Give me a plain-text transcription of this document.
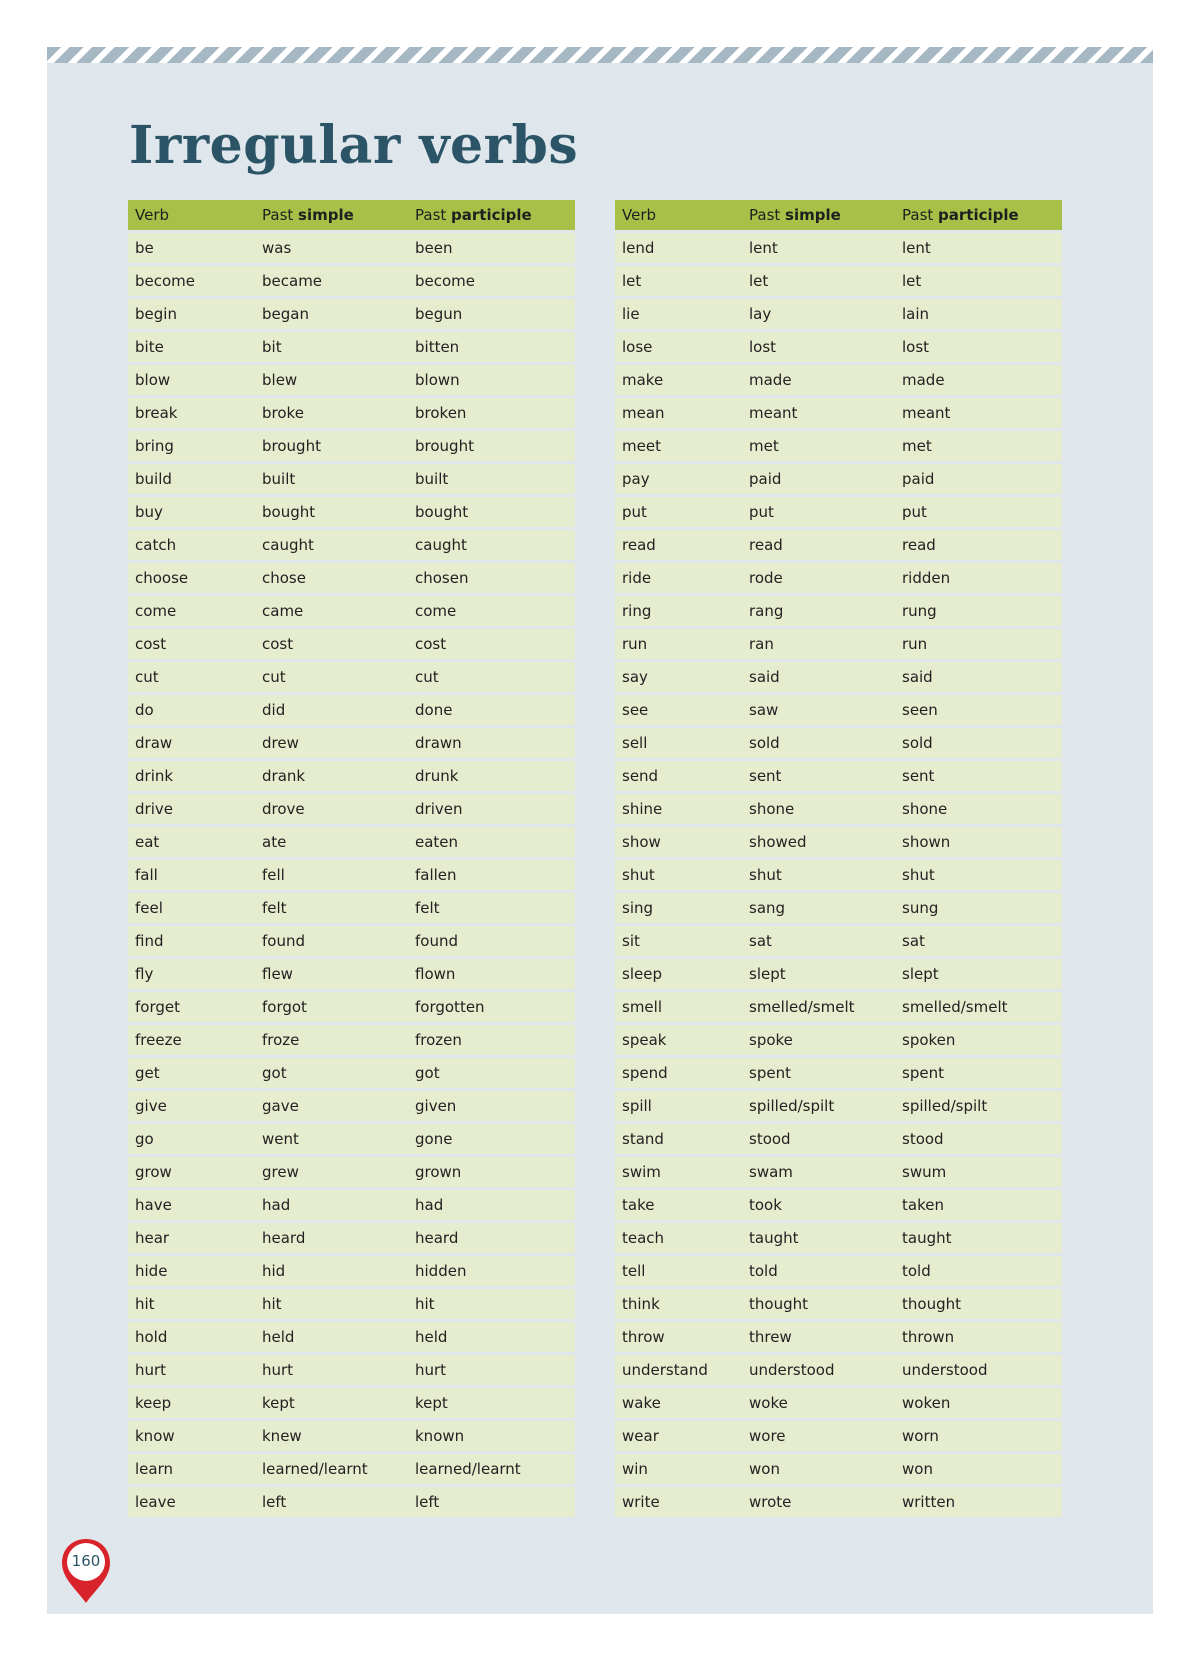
Irregular verbs
Verb	Past simple	Past participle
be	was	been
become	became	become
begin	began	begun
bite	bit	bitten
blow	blew	blown
break	broke	broken
bring	brought	brought
build	built	built
buy	bought	bought
catch	caught	caught
choose	chose	chosen
come	came	come
cost	cost	cost
cut	cut	cut
do	did	done
draw	drew	drawn
drink	drank	drunk
drive	drove	driven
eat	ate	eaten
fall	fell	fallen
feel	felt	felt
find	found	found
fly	flew	flown
forget	forgot	forgotten
freeze	froze	frozen
get	got	got
give	gave	given
go	went	gone
grow	grew	grown
have	had	had
hear	heard	heard
hide	hid	hidden
hit	hit	hit
hold	held	held
hurt	hurt	hurt
keep	kept	kept
know	knew	known
learn	learned/learnt	learned/learnt
leave	left	left
Verb	Past simple	Past participle
lend	lent	lent
let	let	let
lie	lay	lain
lose	lost	lost
make	made	made
mean	meant	meant
meet	met	met
pay	paid	paid
put	put	put
read	read	read
ride	rode	ridden
ring	rang	rung
run	ran	run
say	said	said
see	saw	seen
sell	sold	sold
send	sent	sent
shine	shone	shone
show	showed	shown
shut	shut	shut
sing	sang	sung
sit	sat	sat
sleep	slept	slept
smell	smelled/smelt	smelled/smelt
speak	spoke	spoken
spend	spent	spent
spill	spilled/spilt	spilled/spilt
stand	stood	stood
swim	swam	swum
take	took	taken
teach	taught	taught
tell	told	told
think	thought	thought
throw	threw	thrown
understand	understood	understood
wake	woke	woken
wear	wore	worn
win	won	won
write	wrote	written
160
